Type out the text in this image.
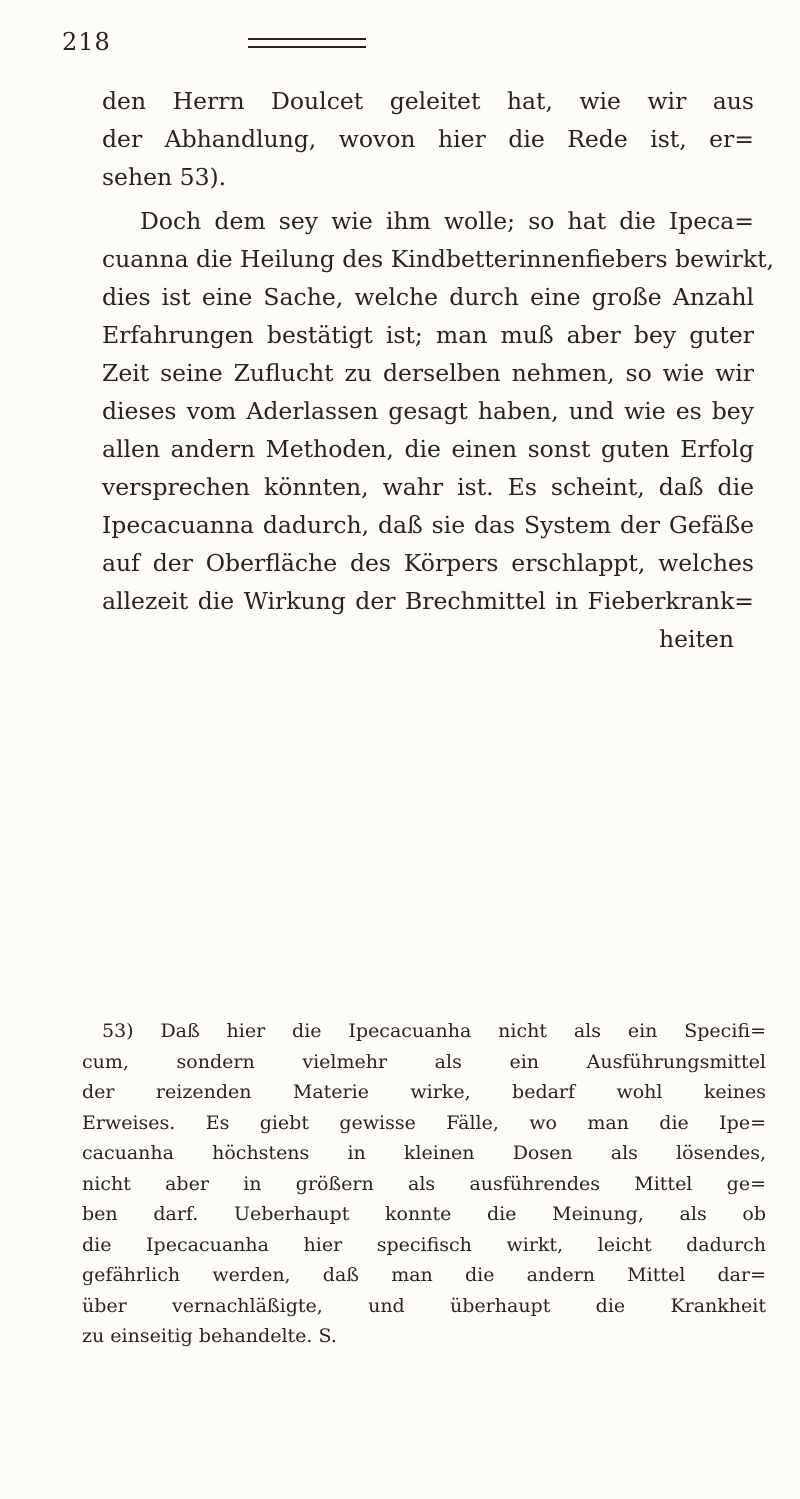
218
den Herrn Doulcet geleitet hat, wie wir aus
der Abhandlung, wovon hier die Rede ist, er=
sehen 53).
Doch dem sey wie ihm wolle; so hat die Ipeca=
cuanna die Heilung des Kindbetterinnenfiebers bewirkt,
dies ist eine Sache, welche durch eine große Anzahl
Erfahrungen bestätigt ist; man muß aber bey guter
Zeit seine Zuflucht zu derselben nehmen, so wie wir
dieses vom Aderlassen gesagt haben, und wie es bey
allen andern Methoden, die einen sonst guten Erfolg
versprechen könnten, wahr ist. Es scheint, daß die
Ipecacuanna dadurch, daß sie das System der Gefäße
auf der Oberfläche des Körpers erschlappt, welches
allezeit die Wirkung der Brechmittel in Fieberkrank=
heiten
53) Daß hier die Ipecacuanha nicht als ein Specifi=
cum, sondern vielmehr als ein Ausführungsmittel
der reizenden Materie wirke, bedarf wohl keines
Erweises. Es giebt gewisse Fälle, wo man die Ipe=
cacuanha höchstens in kleinen Dosen als lösendes,
nicht aber in größern als ausführendes Mittel ge=
ben darf. Ueberhaupt konnte die Meinung, als ob
die Ipecacuanha hier specifisch wirkt, leicht dadurch
gefährlich werden, daß man die andern Mittel dar=
über vernachläßigte, und überhaupt die Krankheit
zu einseitig behandelte. S.
